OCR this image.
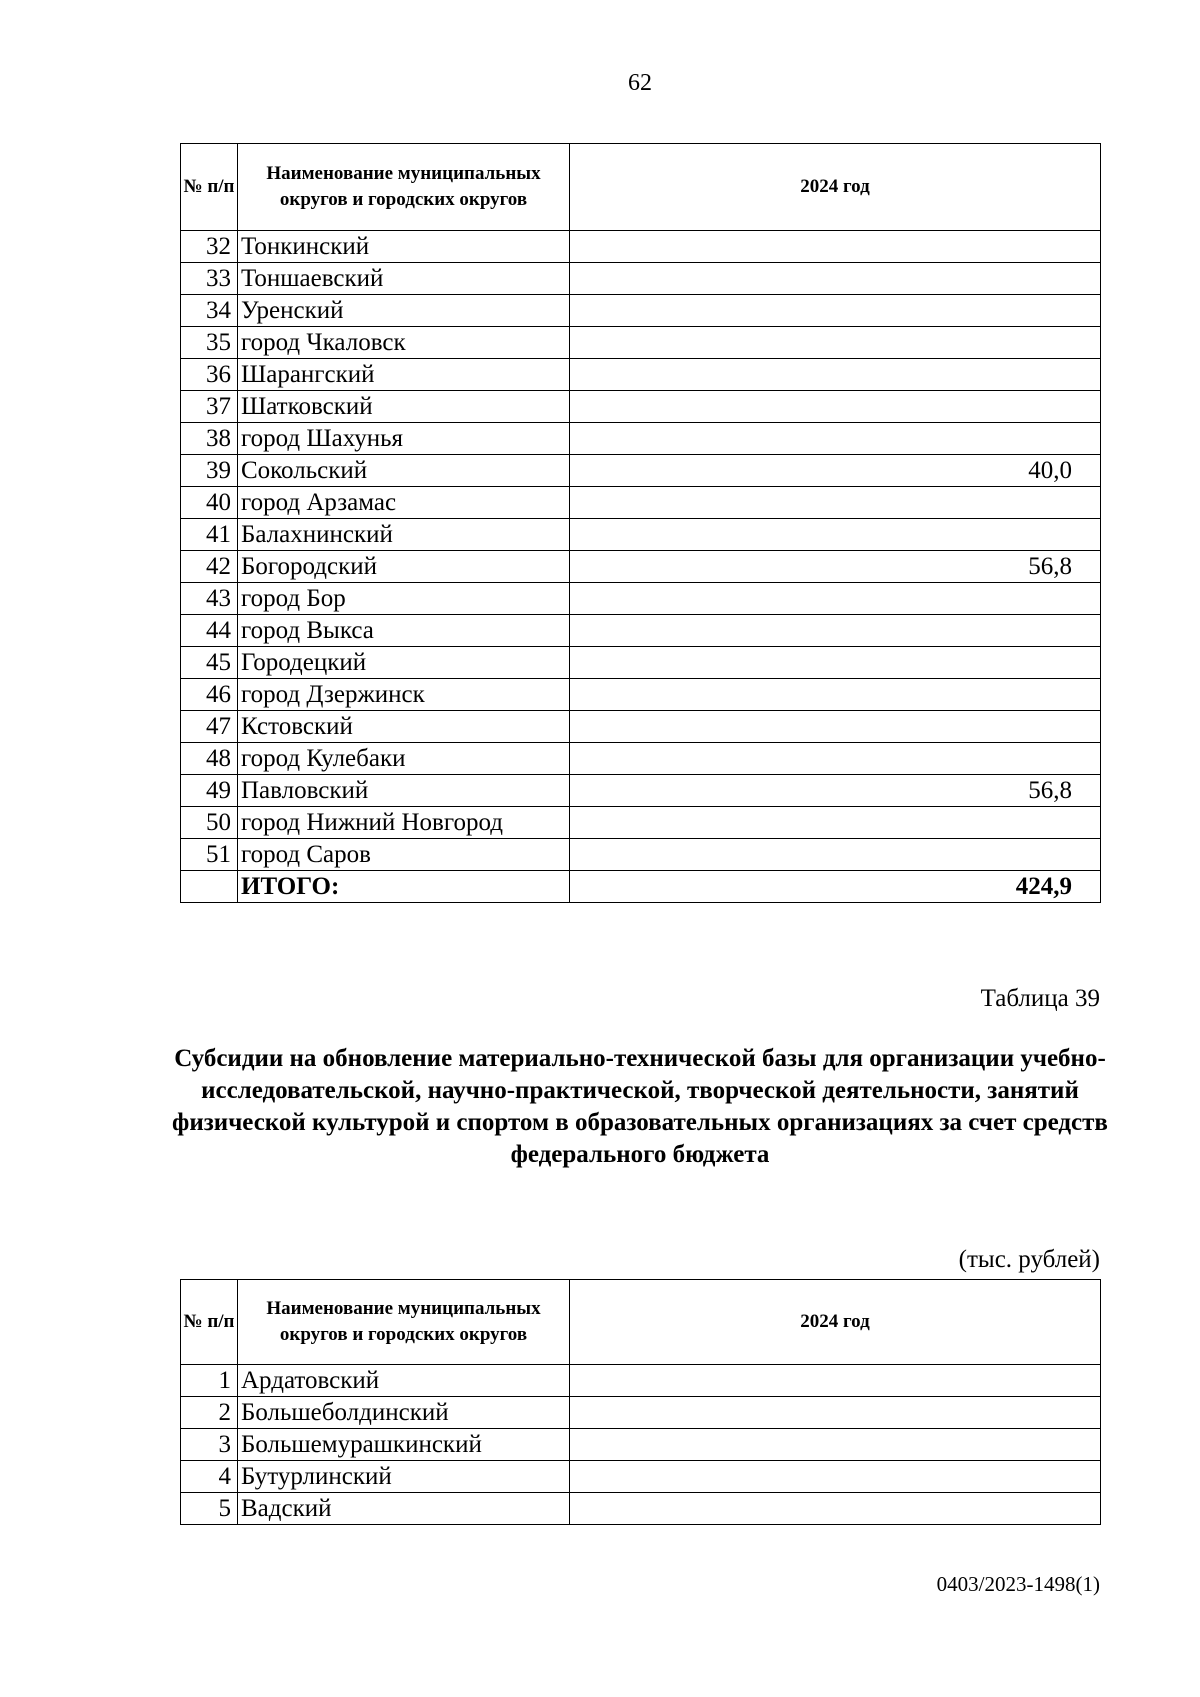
62
№ п/п	Наименование муниципальных округов и городских округов	2024 год
32	Тонкинский	
33	Тоншаевский	
34	Уренский	
35	город Чкаловск	
36	Шарангский	
37	Шатковский	
38	город Шахунья	
39	Сокольский	40,0
40	город Арзамас	
41	Балахнинский	
42	Богородский	56,8
43	город Бор	
44	город Выкса	
45	Городецкий	
46	город Дзержинск	
47	Кстовский	
48	город Кулебаки	
49	Павловский	56,8
50	город Нижний Новгород	
51	город Саров	
	ИТОГО:	424,9
Таблица 39
Субсидии на обновление материально-технической базы для организации учебно-исследовательской, научно-практической, творческой деятельности, занятий физической культурой и спортом в образовательных организациях за счет средств федерального бюджета
(тыс. рублей)
№ п/п	Наименование муниципальных округов и городских округов	2024 год
1	Ардатовский	
2	Большеболдинский	
3	Большемурашкинский	
4	Бутурлинский	
5	Вадский	
0403/2023-1498(1)
